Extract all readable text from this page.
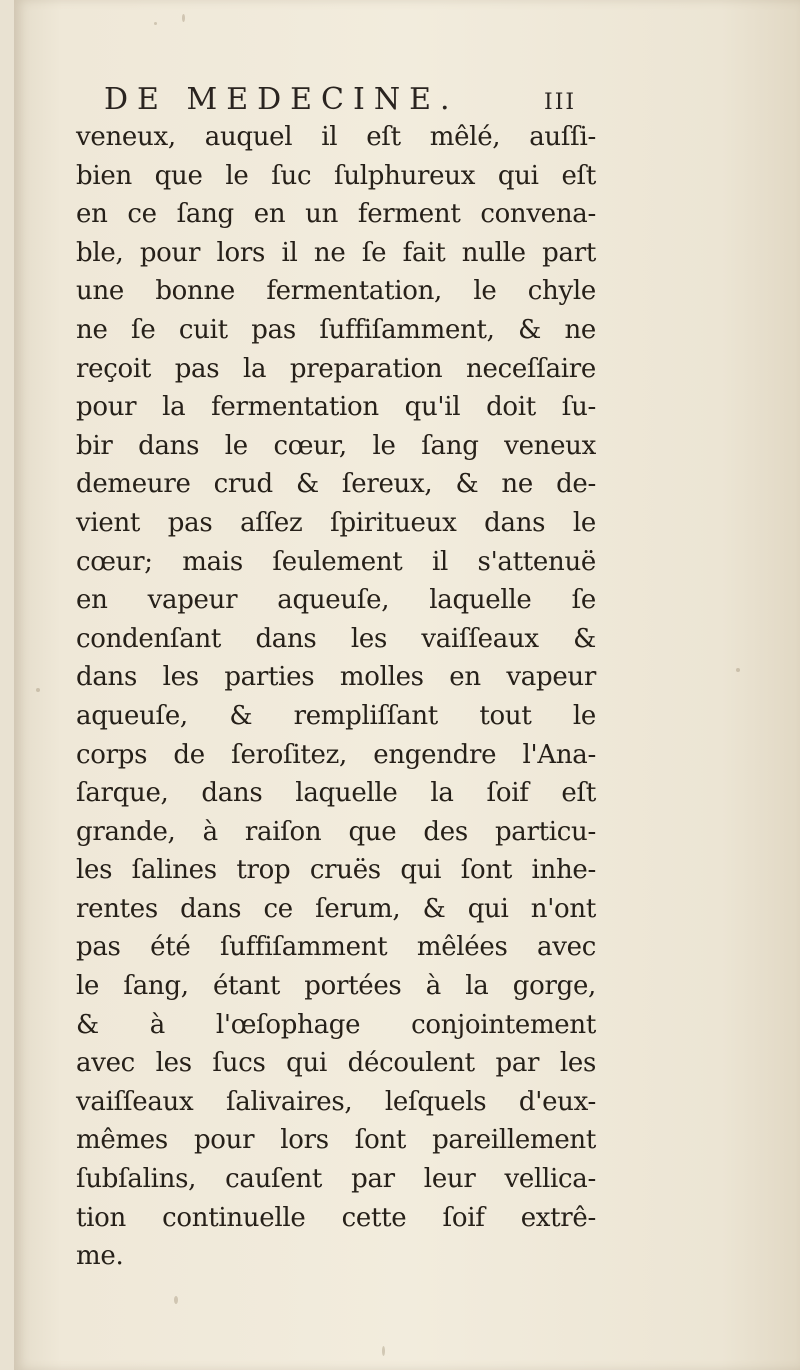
DE MEDECINE.	III
veneux, auquel il eſt mêlé, auſſi-
bien que le ſuc ſulphureux qui eſt
en ce ſang en un ferment convena-
ble, pour lors il ne ſe fait nulle part
une bonne fermentation, le chyle
ne ſe cuit pas ſuffiſamment, & ne
reçoit pas la preparation neceſſaire
pour la fermentation qu'il doit ſu-
bir dans le cœur, le ſang veneux
demeure crud & ſereux, & ne de-
vient pas aſſez ſpiritueux dans le
cœur; mais ſeulement il s'attenuë
en vapeur aqueuſe, laquelle ſe
condenſant dans les vaiſſeaux &
dans les parties molles en vapeur
aqueuſe, & rempliſſant tout le
corps de ſeroſitez, engendre l'Ana-
ſarque, dans laquelle la ſoif eſt
grande, à raiſon que des particu-
les ſalines trop cruës qui ſont inhe-
rentes dans ce ſerum, & qui n'ont
pas été ſuffiſamment mêlées avec
le ſang, étant portées à la gorge,
& à l'œſophage conjointement
avec les ſucs qui découlent par les
vaiſſeaux ſalivaires, leſquels d'eux-
mêmes pour lors ſont pareillement
ſubſalins, cauſent par leur vellica-
tion continuelle cette ſoif extrê-
me.
